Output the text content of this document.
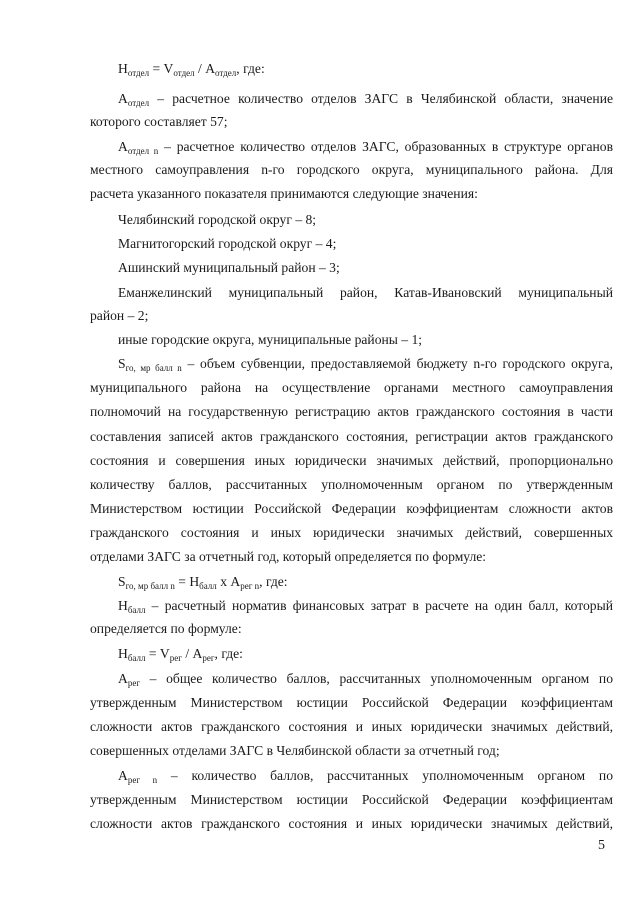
$Н_{отдел} = V_{отдел} / А_{отдел}$, где:
$А_{отдел}$ – расчетное количество отделов ЗАГС в Челябинской области, значение
которого составляет 57;
$А_{отдел n}$ – расчетное количество отделов ЗАГС, образованных в структуре органов
местного самоуправления n-го городского округа, муниципального района. Для
расчета указанного показателя принимаются следующие значения:
Челябинский городской округ – 8;
Магнитогорский городской округ – 4;
Ашинский муниципальный район – 3;
Еманжелинский муниципальный район, Катав-Ивановский муниципальный
район – 2;
иные городские округа, муниципальные районы – 1;
$S_{го, мр балл n}$ – объем субвенции, предоставляемой бюджету n-го городского округа,
муниципального района на осуществление органами местного самоуправления
полномочий на государственную регистрацию актов гражданского состояния в части
составления записей актов гражданского состояния, регистрации актов гражданского
состояния и совершения иных юридически значимых действий, пропорционально
количеству баллов, рассчитанных уполномоченным органом по утвержденным
Министерством юстиции Российской Федерации коэффициентам сложности актов
гражданского состояния и иных юридически значимых действий, совершенных
отделами ЗАГС за отчетный год, который определяется по формуле:
$S_{го, мр балл n} = Н_{балл}$ x $А_{рег n}$, где:
$Н_{балл}$ – расчетный норматив финансовых затрат в расчете на один балл, который
определяется по формуле:
$Н_{балл} = V_{рег} / А_{рег}$, где:
$А_{рег}$ – общее количество баллов, рассчитанных уполномоченным органом по
утвержденным Министерством юстиции Российской Федерации коэффициентам
сложности актов гражданского состояния и иных юридически значимых действий,
совершенных отделами ЗАГС в Челябинской области за отчетный год;
$А_{рег n}$ – количество баллов, рассчитанных уполномоченным органом по
утвержденным Министерством юстиции Российской Федерации коэффициентам
сложности актов гражданского состояния и иных юридически значимых действий,
5
